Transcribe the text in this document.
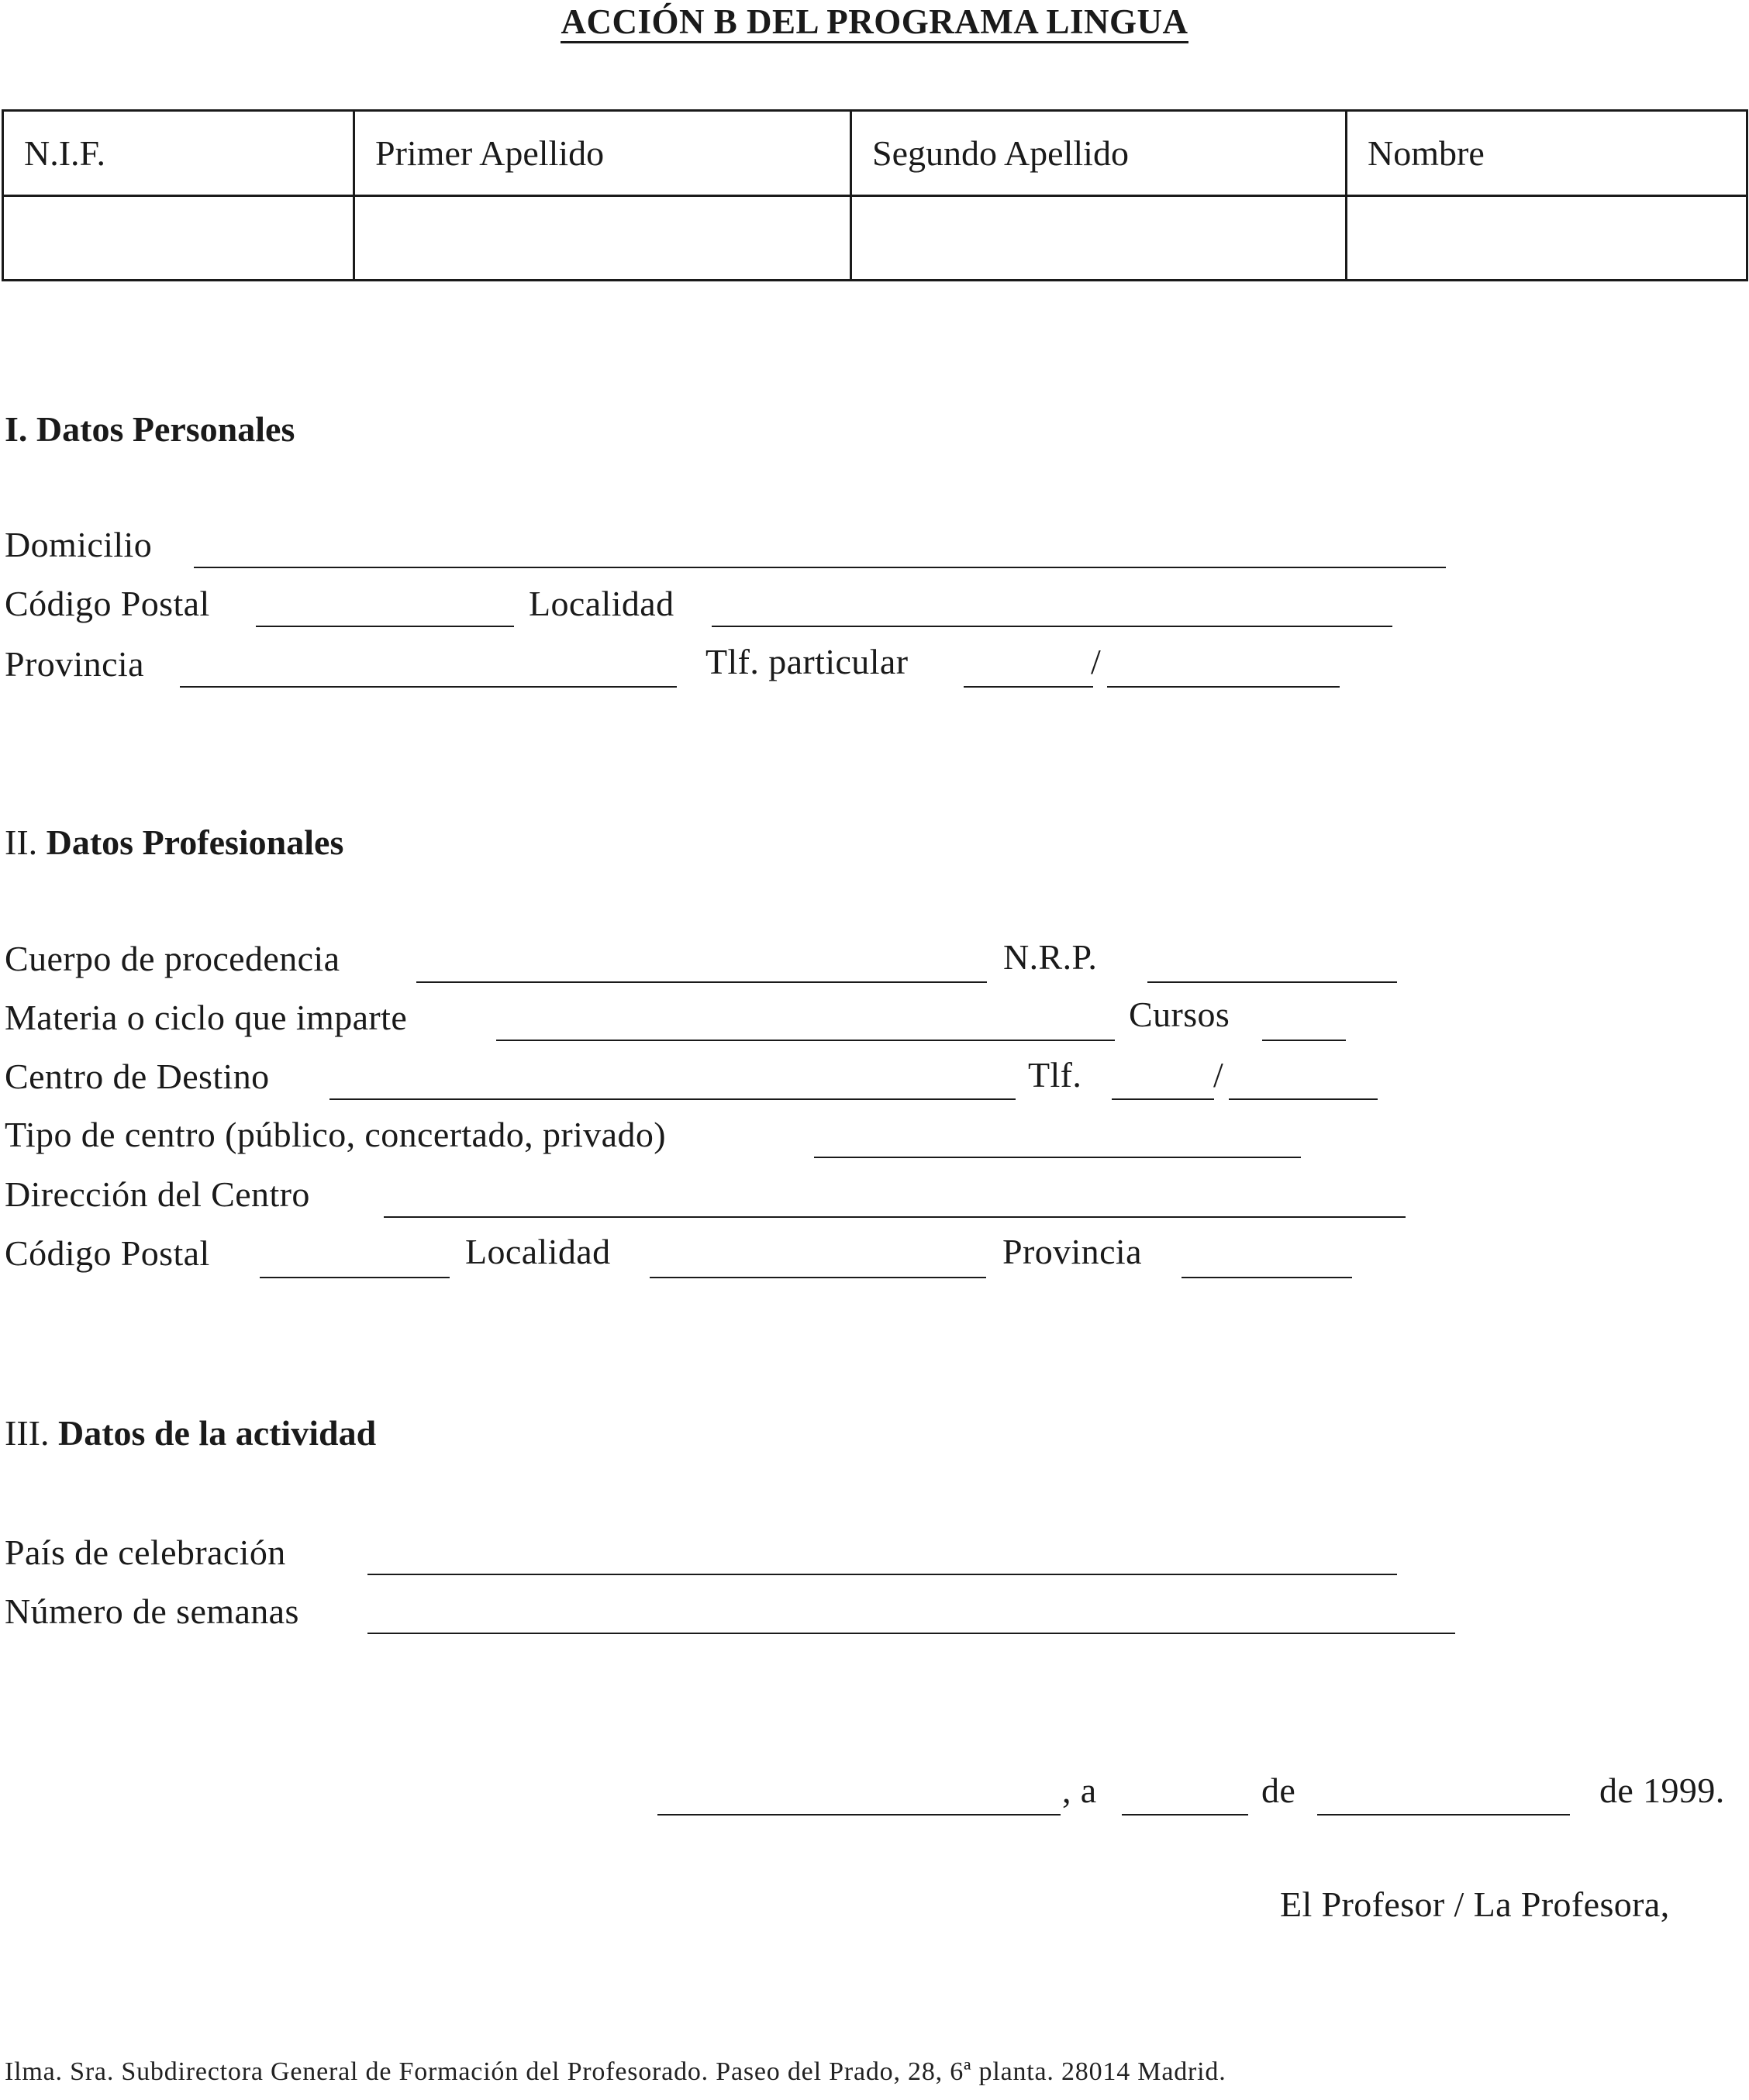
ACCIÓN B DEL PROGRAMA LINGUA
N.I.F.	Primer Apellido	Segundo Apellido	Nombre

I. Datos Personales
Domicilio
Código Postal	Localidad
Provincia	Tlf. particular	/
II. Datos Profesionales
Cuerpo de procedencia	N.R.P.
Materia o ciclo que imparte	Cursos
Centro de Destino	Tlf.	/
Tipo de centro (público, concertado, privado)
Dirección del Centro
Código Postal	Localidad	Provincia
III. Datos de la actividad
País de celebración
Número de semanas
, a	de	de 1999.
El Profesor / La Profesora,
Ilma. Sra. Subdirectora General de Formación del Profesorado. Paseo del Prado, 28, 6ª planta. 28014 Madrid.
